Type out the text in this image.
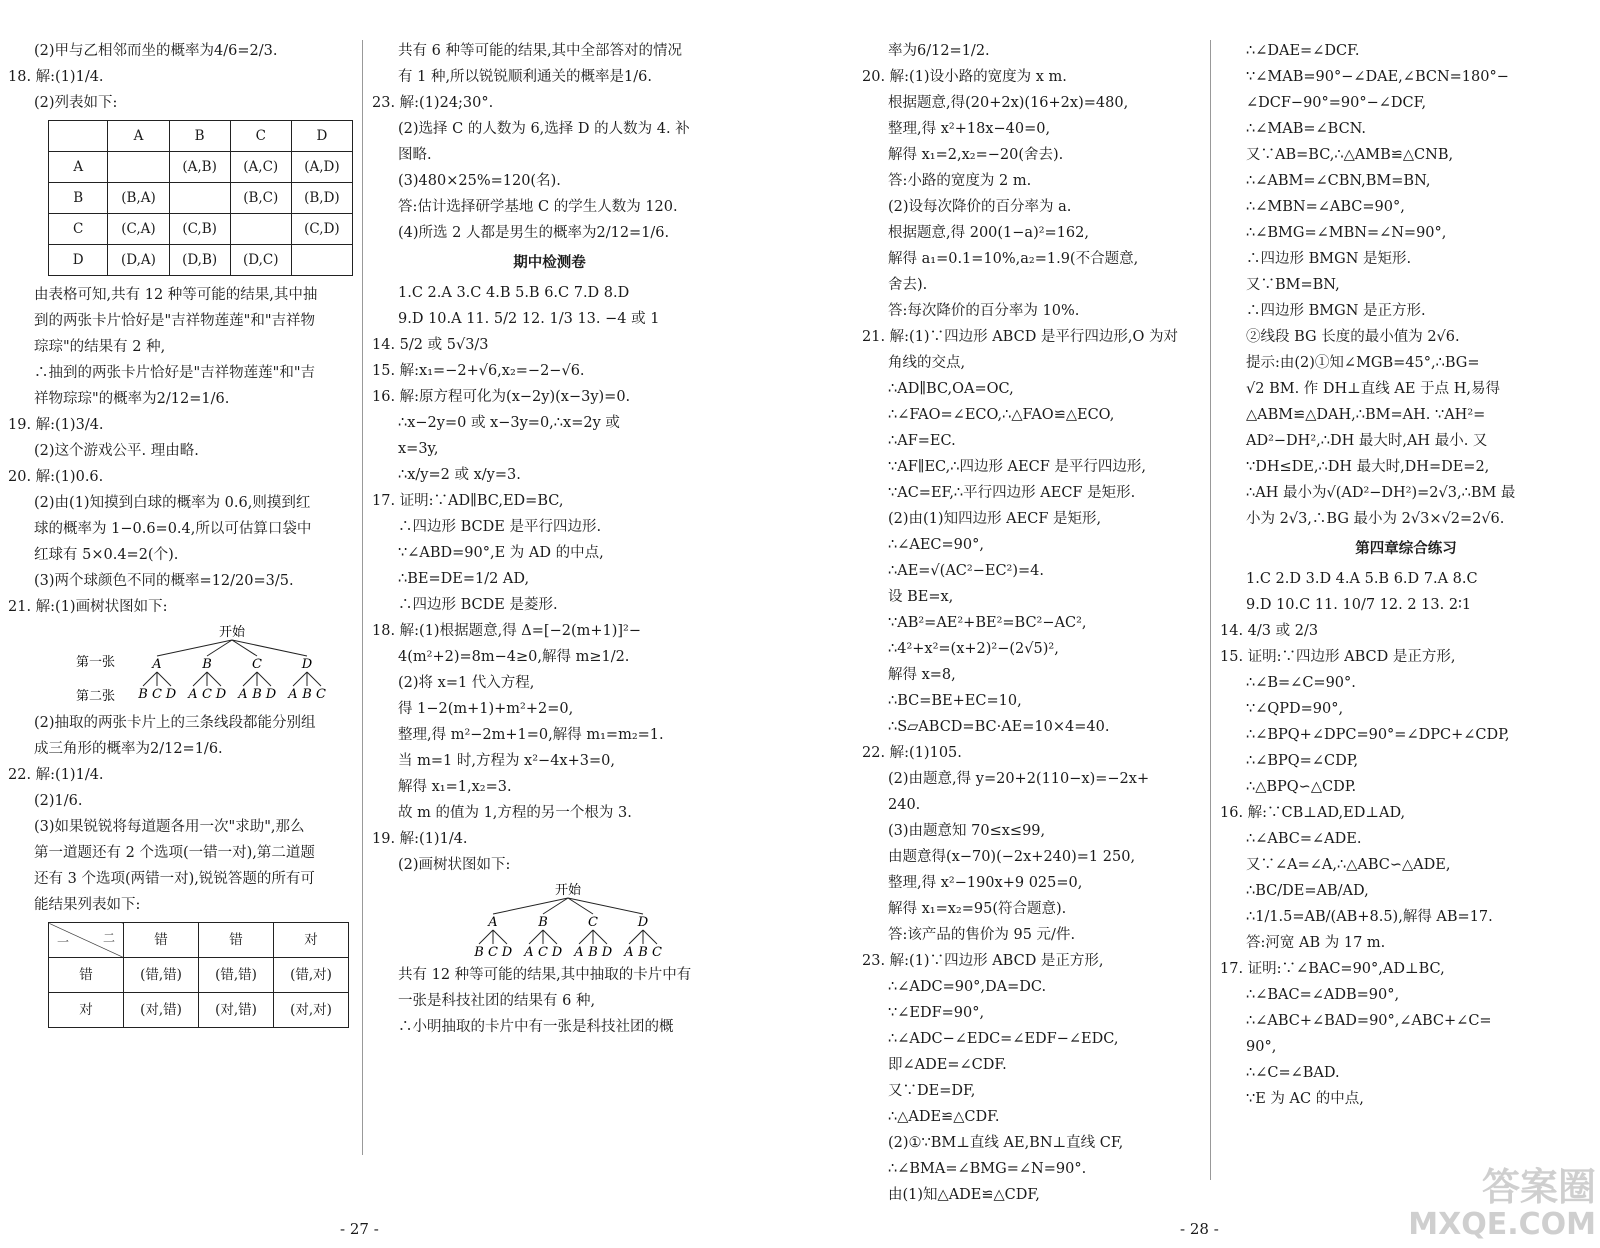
(2)甲与乙相邻而坐的概率为4/6=2/3.
18. 解:(1)1/4.
(2)列表如下:
	A	B	C	D
A		(A,B)	(A,C)	(A,D)
B	(B,A)		(B,C)	(B,D)
C	(C,A)	(C,B)		(C,D)
D	(D,A)	(D,B)	(D,C)	
由表格可知,共有 12 种等可能的结果,其中抽
到的两张卡片恰好是"吉祥物莲莲"和"吉祥物
琮琮"的结果有 2 种,
∴抽到的两张卡片恰好是"吉祥物莲莲"和"吉
祥物琮琮"的概率为2/12=1/6.
19. 解:(1)3/4.
(2)这个游戏公平. 理由略.
20. 解:(1)0.6.
(2)由(1)知摸到白球的概率为 0.6,则摸到红
球的概率为 1−0.6=0.4,所以可估算口袋中
红球有 5×0.4=2(个).
(3)两个球颜色不同的概率=12/20=3/5.
21. 解:(1)画树状图如下:
开始
第一张
第二张
A
B C D
B
A C D
C
A B D
D
A B C
(2)抽取的两张卡片上的三条线段都能分别组
成三角形的概率为2/12=1/6.
22. 解:(1)1/4.
(2)1/6.
(3)如果锐锐将每道题各用一次"求助",那么
第一道题还有 2 个选项(一错一对),第二道题
还有 3 个选项(两错一对),锐锐答题的所有可
能结果列表如下:
二
一	错	错	对
错	(错,错)	(错,错)	(错,对)
对	(对,错)	(对,错)	(对,对)
共有 6 种等可能的结果,其中全部答对的情况
有 1 种,所以锐锐顺利通关的概率是1/6.
23. 解:(1)24;30°.
(2)选择 C 的人数为 6,选择 D 的人数为 4. 补
图略.
(3)480×25%=120(名).
答:估计选择研学基地 C 的学生人数为 120.
(4)所选 2 人都是男生的概率为2/12=1/6.
期中检测卷
1.C 2.A 3.C 4.B 5.B 6.C 7.D 8.D
9.D 10.A 11. 5/2 12. 1/3 13. −4 或 1
14. 5/2 或 5√3/3
15. 解:x₁=−2+√6,x₂=−2−√6.
16. 解:原方程可化为(x−2y)(x−3y)=0.
∴x−2y=0 或 x−3y=0,∴x=2y 或
x=3y,
∴x/y=2 或 x/y=3.
17. 证明:∵AD∥BC,ED=BC,
∴四边形 BCDE 是平行四边形.
∵∠ABD=90°,E 为 AD 的中点,
∴BE=DE=1/2 AD,
∴四边形 BCDE 是菱形.
18. 解:(1)根据题意,得 Δ=[−2(m+1)]²−
4(m²+2)=8m−4≥0,解得 m≥1/2.
(2)将 x=1 代入方程,
得 1−2(m+1)+m²+2=0,
整理,得 m²−2m+1=0,解得 m₁=m₂=1.
当 m=1 时,方程为 x²−4x+3=0,
解得 x₁=1,x₂=3.
故 m 的值为 1,方程的另一个根为 3.
19. 解:(1)1/4.
(2)画树状图如下:
开始
A
B C D
B
A C D
C
A B D
D
A B C
共有 12 种等可能的结果,其中抽取的卡片中有
一张是科技社团的结果有 6 种,
∴小明抽取的卡片中有一张是科技社团的概
率为6/12=1/2.
20. 解:(1)设小路的宽度为 x m.
根据题意,得(20+2x)(16+2x)=480,
整理,得 x²+18x−40=0,
解得 x₁=2,x₂=−20(舍去).
答:小路的宽度为 2 m.
(2)设每次降价的百分率为 a.
根据题意,得 200(1−a)²=162,
解得 a₁=0.1=10%,a₂=1.9(不合题意,
舍去).
答:每次降价的百分率为 10%.
21. 解:(1)∵四边形 ABCD 是平行四边形,O 为对
角线的交点,
∴AD∥BC,OA=OC,
∴∠FAO=∠ECO,∴△FAO≌△ECO,
∴AF=EC.
∵AF∥EC,∴四边形 AECF 是平行四边形,
∵AC=EF,∴平行四边形 AECF 是矩形.
(2)由(1)知四边形 AECF 是矩形,
∴∠AEC=90°,
∴AE=√(AC²−EC²)=4.
设 BE=x,
∵AB²=AE²+BE²=BC²−AC²,
∴4²+x²=(x+2)²−(2√5)²,
解得 x=8,
∴BC=BE+EC=10,
∴S▱ABCD=BC·AE=10×4=40.
22. 解:(1)105.
(2)由题意,得 y=20+2(110−x)=−2x+
240.
(3)由题意知 70≤x≤99,
由题意得(x−70)(−2x+240)=1 250,
整理,得 x²−190x+9 025=0,
解得 x₁=x₂=95(符合题意).
答:该产品的售价为 95 元/件.
23. 解:(1)∵四边形 ABCD 是正方形,
∴∠ADC=90°,DA=DC.
∵∠EDF=90°,
∴∠ADC−∠EDC=∠EDF−∠EDC,
即∠ADE=∠CDF.
又∵DE=DF,
∴△ADE≌△CDF.
(2)①∵BM⊥直线 AE,BN⊥直线 CF,
∴∠BMA=∠BMG=∠N=90°.
由(1)知△ADE≌△CDF,
∴∠DAE=∠DCF.
∵∠MAB=90°−∠DAE,∠BCN=180°−
∠DCF−90°=90°−∠DCF,
∴∠MAB=∠BCN.
又∵AB=BC,∴△AMB≌△CNB,
∴∠ABM=∠CBN,BM=BN,
∴∠MBN=∠ABC=90°,
∴∠BMG=∠MBN=∠N=90°,
∴四边形 BMGN 是矩形.
又∵BM=BN,
∴四边形 BMGN 是正方形.
②线段 BG 长度的最小值为 2√6.
提示:由(2)①知∠MGB=45°,∴BG=
√2 BM. 作 DH⊥直线 AE 于点 H,易得
△ABM≌△DAH,∴BM=AH. ∵AH²=
AD²−DH²,∴DH 最大时,AH 最小. 又
∵DH≤DE,∴DH 最大时,DH=DE=2,
∴AH 最小为√(AD²−DH²)=2√3,∴BM 最
小为 2√3,∴BG 最小为 2√3×√2=2√6.
第四章综合练习
1.C 2.D 3.D 4.A 5.B 6.D 7.A 8.C
9.D 10.C 11. 10/7 12. 2 13. 2∶1
14. 4/3 或 2/3
15. 证明:∵四边形 ABCD 是正方形,
∴∠B=∠C=90°.
∵∠QPD=90°,
∴∠BPQ+∠DPC=90°=∠DPC+∠CDP,
∴∠BPQ=∠CDP,
∴△BPQ∽△CDP.
16. 解:∵CB⊥AD,ED⊥AD,
∴∠ABC=∠ADE.
又∵∠A=∠A,∴△ABC∽△ADE,
∴BC/DE=AB/AD,
∴1/1.5=AB/(AB+8.5),解得 AB=17.
答:河宽 AB 为 17 m.
17. 证明:∵∠BAC=90°,AD⊥BC,
∴∠BAC=∠ADB=90°,
∴∠ABC+∠BAD=90°,∠ABC+∠C=
90°,
∴∠C=∠BAD.
∵E 为 AC 的中点,
- 27 -	- 28 -
答案圈
MXQE.COM
